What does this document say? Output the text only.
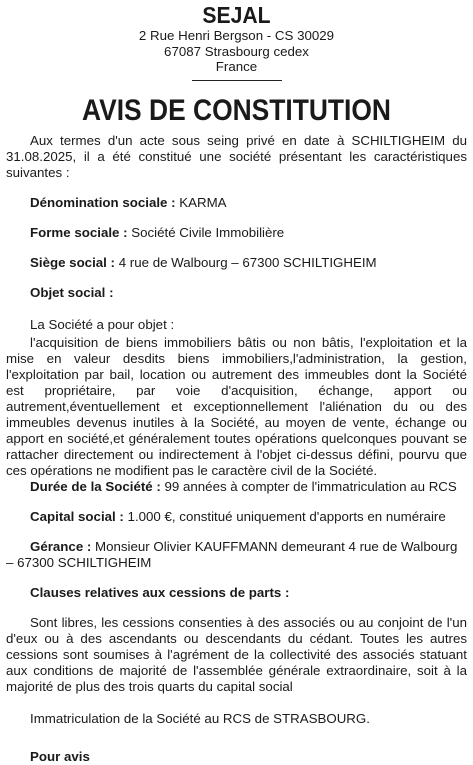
SEJAL
2 Rue Henri Bergson - CS 30029
67087 Strasbourg cedex
France
AVIS DE CONSTITUTION
Aux termes d'un acte sous seing privé en date à SCHILTIGHEIM du 31.08.2025, il a été constitué une société présentant les caractéristiques suivantes :
Dénomination sociale : KARMA
Forme sociale : Société Civile Immobilière
Siège social : 4 rue de Walbourg – 67300 SCHILTIGHEIM
Objet social :
La Société a pour objet :
l'acquisition de biens immobiliers bâtis ou non bâtis, l'exploitation et la mise en valeur desdits biens immobiliers,l'administration, la gestion, l'exploitation par bail, location ou autrement des immeubles dont la Société est propriétaire, par voie d'acquisition, échange, apport ou autrement,éventuellement et exceptionnellement l'aliénation du ou des immeubles devenus inutiles à la Société, au moyen de vente, échange ou apport en société,et généralement toutes opérations quelconques pouvant se rattacher directement ou indirectement à l'objet ci-dessus défini, pourvu que ces opérations ne modifient pas le caractère civil de la Société.
Durée de la Société : 99 années à compter de l'immatriculation au RCS
Capital social : 1.000 €, constitué uniquement d'apports en numéraire
Gérance : Monsieur Olivier KAUFFMANN demeurant 4 rue de Walbourg – 67300 SCHILTIGHEIM
Clauses relatives aux cessions de parts :
Sont libres, les cessions consenties à des associés ou au conjoint de l'un d'eux ou à des ascendants ou descendants du cédant. Toutes les autres cessions sont soumises à l'agrément de la collectivité des associés statuant aux conditions de majorité de l'assemblée générale extraordinaire, soit à la majorité de plus des trois quarts du capital social
Immatriculation de la Société au RCS de STRASBOURG.
Pour avis
